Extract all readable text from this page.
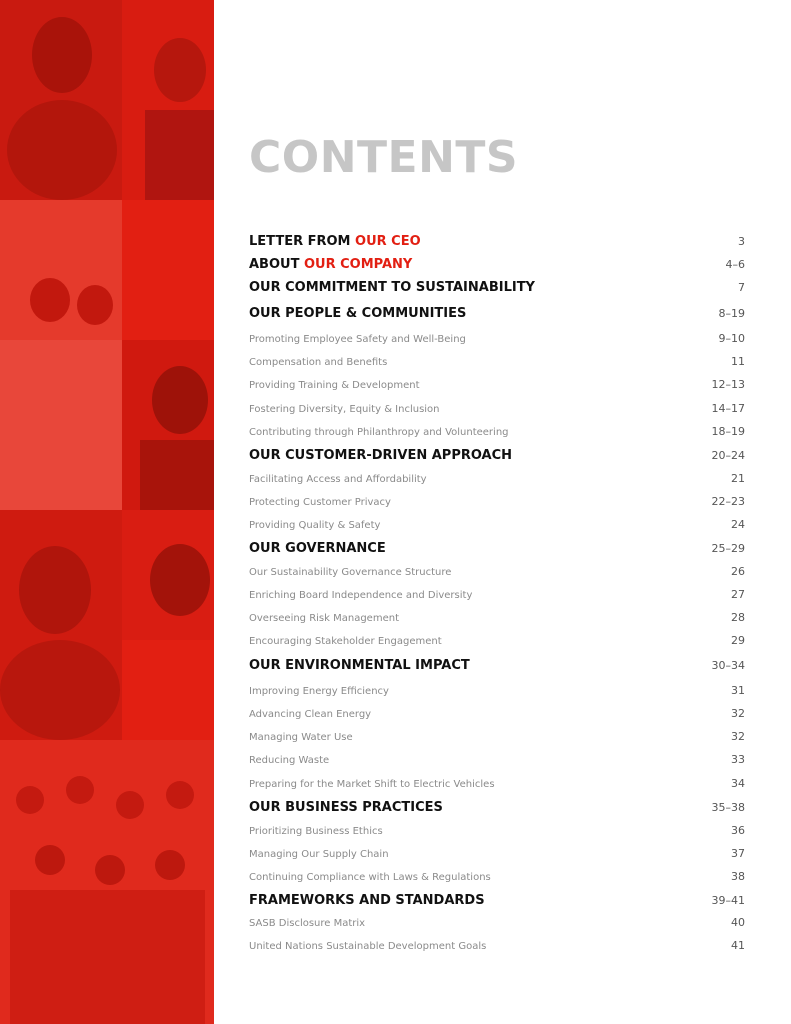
CONTENTS
LETTER FROM OUR CEO	3
ABOUT OUR COMPANY	4–6
OUR COMMITMENT TO SUSTAINABILITY	7
OUR PEOPLE & COMMUNITIES	8–19
Promoting Employee Safety and Well-Being	9–10
Compensation and Benefits	11
Providing Training & Development	12–13
Fostering Diversity, Equity & Inclusion	14–17
Contributing through Philanthropy and Volunteering	18–19
OUR CUSTOMER-DRIVEN APPROACH	20–24
Facilitating Access and Affordability	21
Protecting Customer Privacy	22–23
Providing Quality & Safety	24
OUR GOVERNANCE	25–29
Our Sustainability Governance Structure	26
Enriching Board Independence and Diversity	27
Overseeing Risk Management	28
Encouraging Stakeholder Engagement	29
OUR ENVIRONMENTAL IMPACT	30–34
Improving Energy Efficiency	31
Advancing Clean Energy	32
Managing Water Use	32
Reducing Waste	33
Preparing for the Market Shift to Electric Vehicles	34
OUR BUSINESS PRACTICES	35–38
Prioritizing Business Ethics	36
Managing Our Supply Chain	37
Continuing Compliance with Laws & Regulations	38
FRAMEWORKS AND STANDARDS	39–41
SASB Disclosure Matrix	40
United Nations Sustainable Development Goals	41
